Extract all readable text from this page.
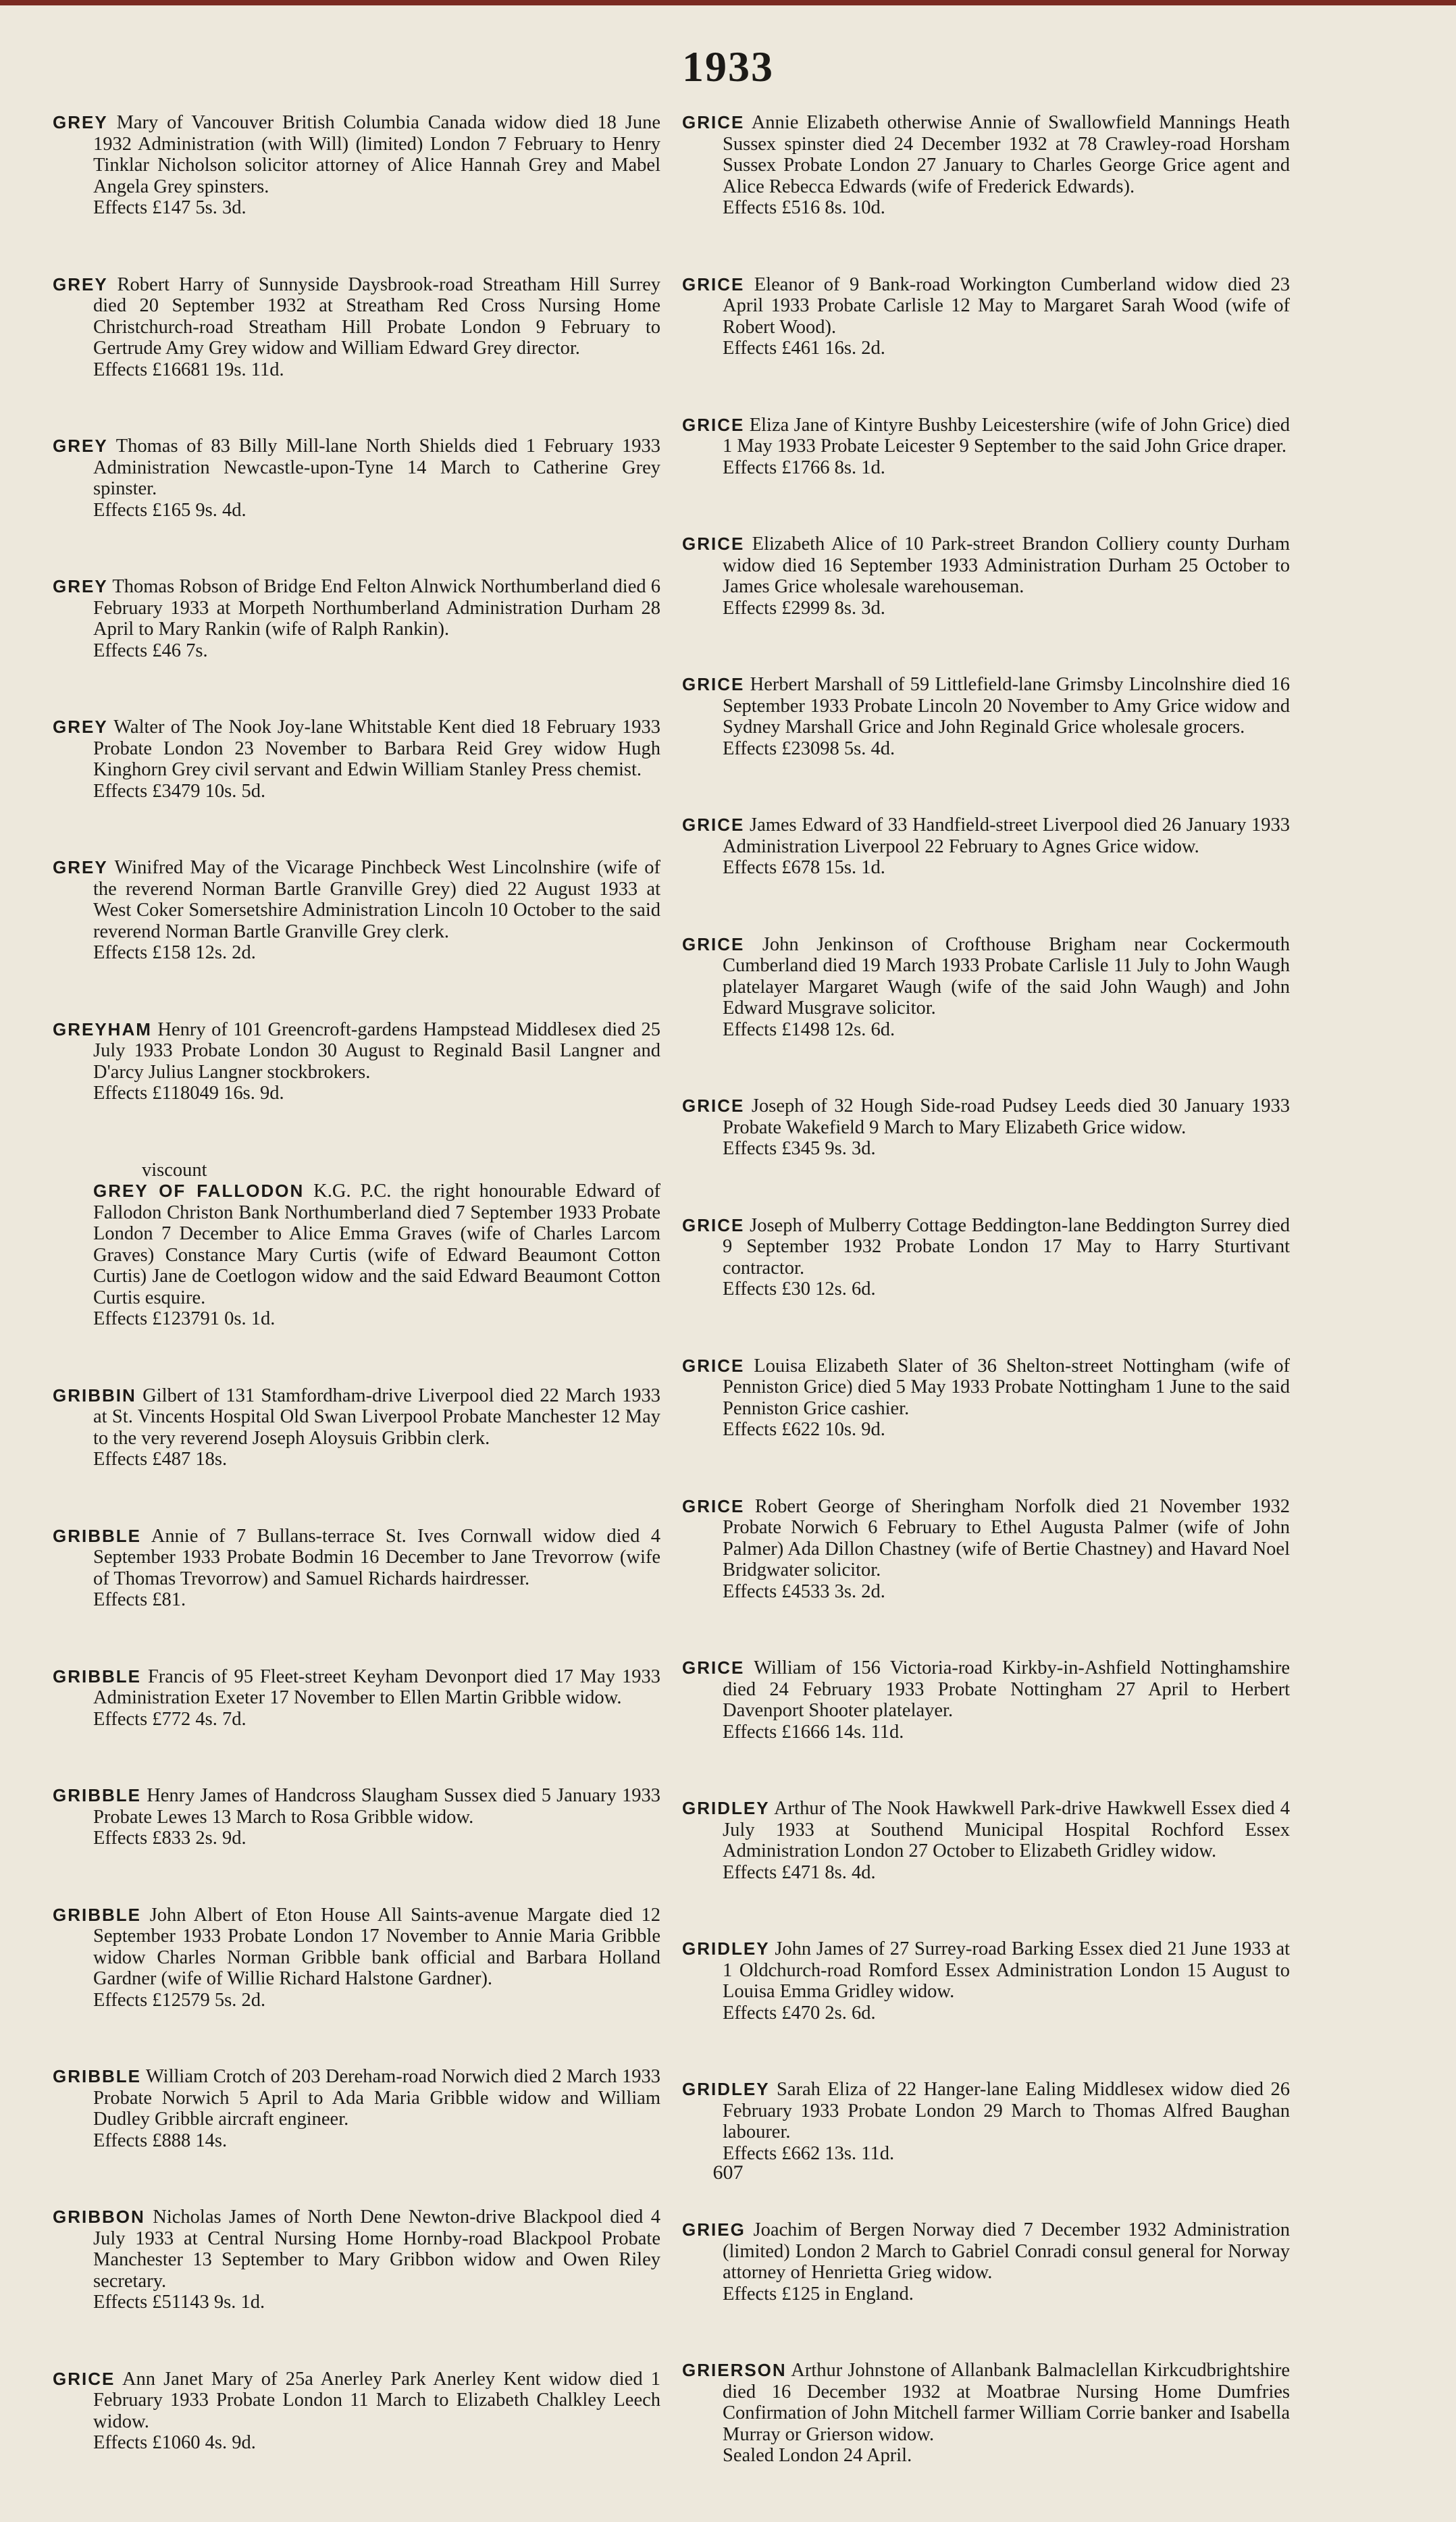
1933
GREY Mary of Vancouver British Columbia Canada widow died 18 June 1932 Administration (with Will) (limited) London 7 February to Henry Tinklar Nicholson solicitor attorney of Alice Hannah Grey and Mabel Angela Grey spinsters.
Effects £147 5s. 3d.
GREY Robert Harry of Sunnyside Daysbrook-road Streatham Hill Surrey died 20 September 1932 at Streatham Red Cross Nursing Home Christchurch-road Streatham Hill Probate London 9 February to Gertrude Amy Grey widow and William Edward Grey director.
Effects £16681 19s. 11d.
GREY Thomas of 83 Billy Mill-lane North Shields died 1 February 1933 Administration Newcastle-upon-Tyne 14 March to Catherine Grey spinster.
Effects £165 9s. 4d.
GREY Thomas Robson of Bridge End Felton Alnwick Northumberland died 6 February 1933 at Morpeth Northumberland Administration Durham 28 April to Mary Rankin (wife of Ralph Rankin).
Effects £46 7s.
GREY Walter of The Nook Joy-lane Whitstable Kent died 18 February 1933 Probate London 23 November to Barbara Reid Grey widow Hugh Kinghorn Grey civil servant and Edwin William Stanley Press chemist.
Effects £3479 10s. 5d.
GREY Winifred May of the Vicarage Pinchbeck West Lincolnshire (wife of the reverend Norman Bartle Granville Grey) died 22 August 1933 at West Coker Somersetshire Administration Lincoln 10 October to the said reverend Norman Bartle Granville Grey clerk.
Effects £158 12s. 2d.
GREYHAM Henry of 101 Greencroft-gardens Hampstead Middlesex died 25 July 1933 Probate London 30 August to Reginald Basil Langner and D'arcy Julius Langner stockbrokers.
Effects £118049 16s. 9d.
viscount
GREY OF FALLODON K.G. P.C. the right honourable Edward of Fallodon Christon Bank Northumberland died 7 September 1933 Probate London 7 December to Alice Emma Graves (wife of Charles Larcom Graves) Constance Mary Curtis (wife of Edward Beaumont Cotton Curtis) Jane de Coetlogon widow and the said Edward Beaumont Cotton Curtis esquire.
Effects £123791 0s. 1d.
GRIBBIN Gilbert of 131 Stamfordham-drive Liverpool died 22 March 1933 at St. Vincents Hospital Old Swan Liverpool Probate Manchester 12 May to the very reverend Joseph Aloysuis Gribbin clerk.
Effects £487 18s.
GRIBBLE Annie of 7 Bullans-terrace St. Ives Cornwall widow died 4 September 1933 Probate Bodmin 16 December to Jane Trevorrow (wife of Thomas Trevorrow) and Samuel Richards hairdresser.
Effects £81.
GRIBBLE Francis of 95 Fleet-street Keyham Devonport died 17 May 1933 Administration Exeter 17 November to Ellen Martin Gribble widow.
Effects £772 4s. 7d.
GRIBBLE Henry James of Handcross Slaugham Sussex died 5 January 1933 Probate Lewes 13 March to Rosa Gribble widow.
Effects £833 2s. 9d.
GRIBBLE John Albert of Eton House All Saints-avenue Margate died 12 September 1933 Probate London 17 November to Annie Maria Gribble widow Charles Norman Gribble bank official and Barbara Holland Gardner (wife of Willie Richard Halstone Gardner).
Effects £12579 5s. 2d.
GRIBBLE William Crotch of 203 Dereham-road Norwich died 2 March 1933 Probate Norwich 5 April to Ada Maria Gribble widow and William Dudley Gribble aircraft engineer.
Effects £888 14s.
GRIBBON Nicholas James of North Dene Newton-drive Blackpool died 4 July 1933 at Central Nursing Home Hornby-road Blackpool Probate Manchester 13 September to Mary Gribbon widow and Owen Riley secretary.
Effects £51143 9s. 1d.
GRICE Ann Janet Mary of 25a Anerley Park Anerley Kent widow died 1 February 1933 Probate London 11 March to Elizabeth Chalkley Leech widow.
Effects £1060 4s. 9d.
GRICE Annie Elizabeth otherwise Annie of Swallowfield Mannings Heath Sussex spinster died 24 December 1932 at 78 Crawley-road Horsham Sussex Probate London 27 January to Charles George Grice agent and Alice Rebecca Edwards (wife of Frederick Edwards).
Effects £516 8s. 10d.
GRICE Eleanor of 9 Bank-road Workington Cumberland widow died 23 April 1933 Probate Carlisle 12 May to Margaret Sarah Wood (wife of Robert Wood).
Effects £461 16s. 2d.
GRICE Eliza Jane of Kintyre Bushby Leicestershire (wife of John Grice) died 1 May 1933 Probate Leicester 9 September to the said John Grice draper.
Effects £1766 8s. 1d.
GRICE Elizabeth Alice of 10 Park-street Brandon Colliery county Durham widow died 16 September 1933 Administration Durham 25 October to James Grice wholesale warehouseman.
Effects £2999 8s. 3d.
GRICE Herbert Marshall of 59 Littlefield-lane Grimsby Lincolnshire died 16 September 1933 Probate Lincoln 20 November to Amy Grice widow and Sydney Marshall Grice and John Reginald Grice wholesale grocers.
Effects £23098 5s. 4d.
GRICE James Edward of 33 Handfield-street Liverpool died 26 January 1933 Administration Liverpool 22 February to Agnes Grice widow.
Effects £678 15s. 1d.
GRICE John Jenkinson of Crofthouse Brigham near Cockermouth Cumberland died 19 March 1933 Probate Carlisle 11 July to John Waugh platelayer Margaret Waugh (wife of the said John Waugh) and John Edward Musgrave solicitor.
Effects £1498 12s. 6d.
GRICE Joseph of 32 Hough Side-road Pudsey Leeds died 30 January 1933 Probate Wakefield 9 March to Mary Elizabeth Grice widow.
Effects £345 9s. 3d.
GRICE Joseph of Mulberry Cottage Beddington-lane Beddington Surrey died 9 September 1932 Probate London 17 May to Harry Sturtivant contractor.
Effects £30 12s. 6d.
GRICE Louisa Elizabeth Slater of 36 Shelton-street Nottingham (wife of Penniston Grice) died 5 May 1933 Probate Nottingham 1 June to the said Penniston Grice cashier.
Effects £622 10s. 9d.
GRICE Robert George of Sheringham Norfolk died 21 November 1932 Probate Norwich 6 February to Ethel Augusta Palmer (wife of John Palmer) Ada Dillon Chastney (wife of Bertie Chastney) and Havard Noel Bridgwater solicitor.
Effects £4533 3s. 2d.
GRICE William of 156 Victoria-road Kirkby-in-Ashfield Nottinghamshire died 24 February 1933 Probate Nottingham 27 April to Herbert Davenport Shooter platelayer.
Effects £1666 14s. 11d.
GRIDLEY Arthur of The Nook Hawkwell Park-drive Hawkwell Essex died 4 July 1933 at Southend Municipal Hospital Rochford Essex Administration London 27 October to Elizabeth Gridley widow.
Effects £471 8s. 4d.
GRIDLEY John James of 27 Surrey-road Barking Essex died 21 June 1933 at 1 Oldchurch-road Romford Essex Administration London 15 August to Louisa Emma Gridley widow.
Effects £470 2s. 6d.
GRIDLEY Sarah Eliza of 22 Hanger-lane Ealing Middlesex widow died 26 February 1933 Probate London 29 March to Thomas Alfred Baughan labourer.
Effects £662 13s. 11d.
GRIEG Joachim of Bergen Norway died 7 December 1932 Administration (limited) London 2 March to Gabriel Conradi consul general for Norway attorney of Henrietta Grieg widow.
Effects £125 in England.
GRIERSON Arthur Johnstone of Allanbank Balmaclellan Kirkcudbrightshire died 16 December 1932 at Moatbrae Nursing Home Dumfries Confirmation of John Mitchell farmer William Corrie banker and Isabella Murray or Grierson widow.
Sealed London 24 April.
607
